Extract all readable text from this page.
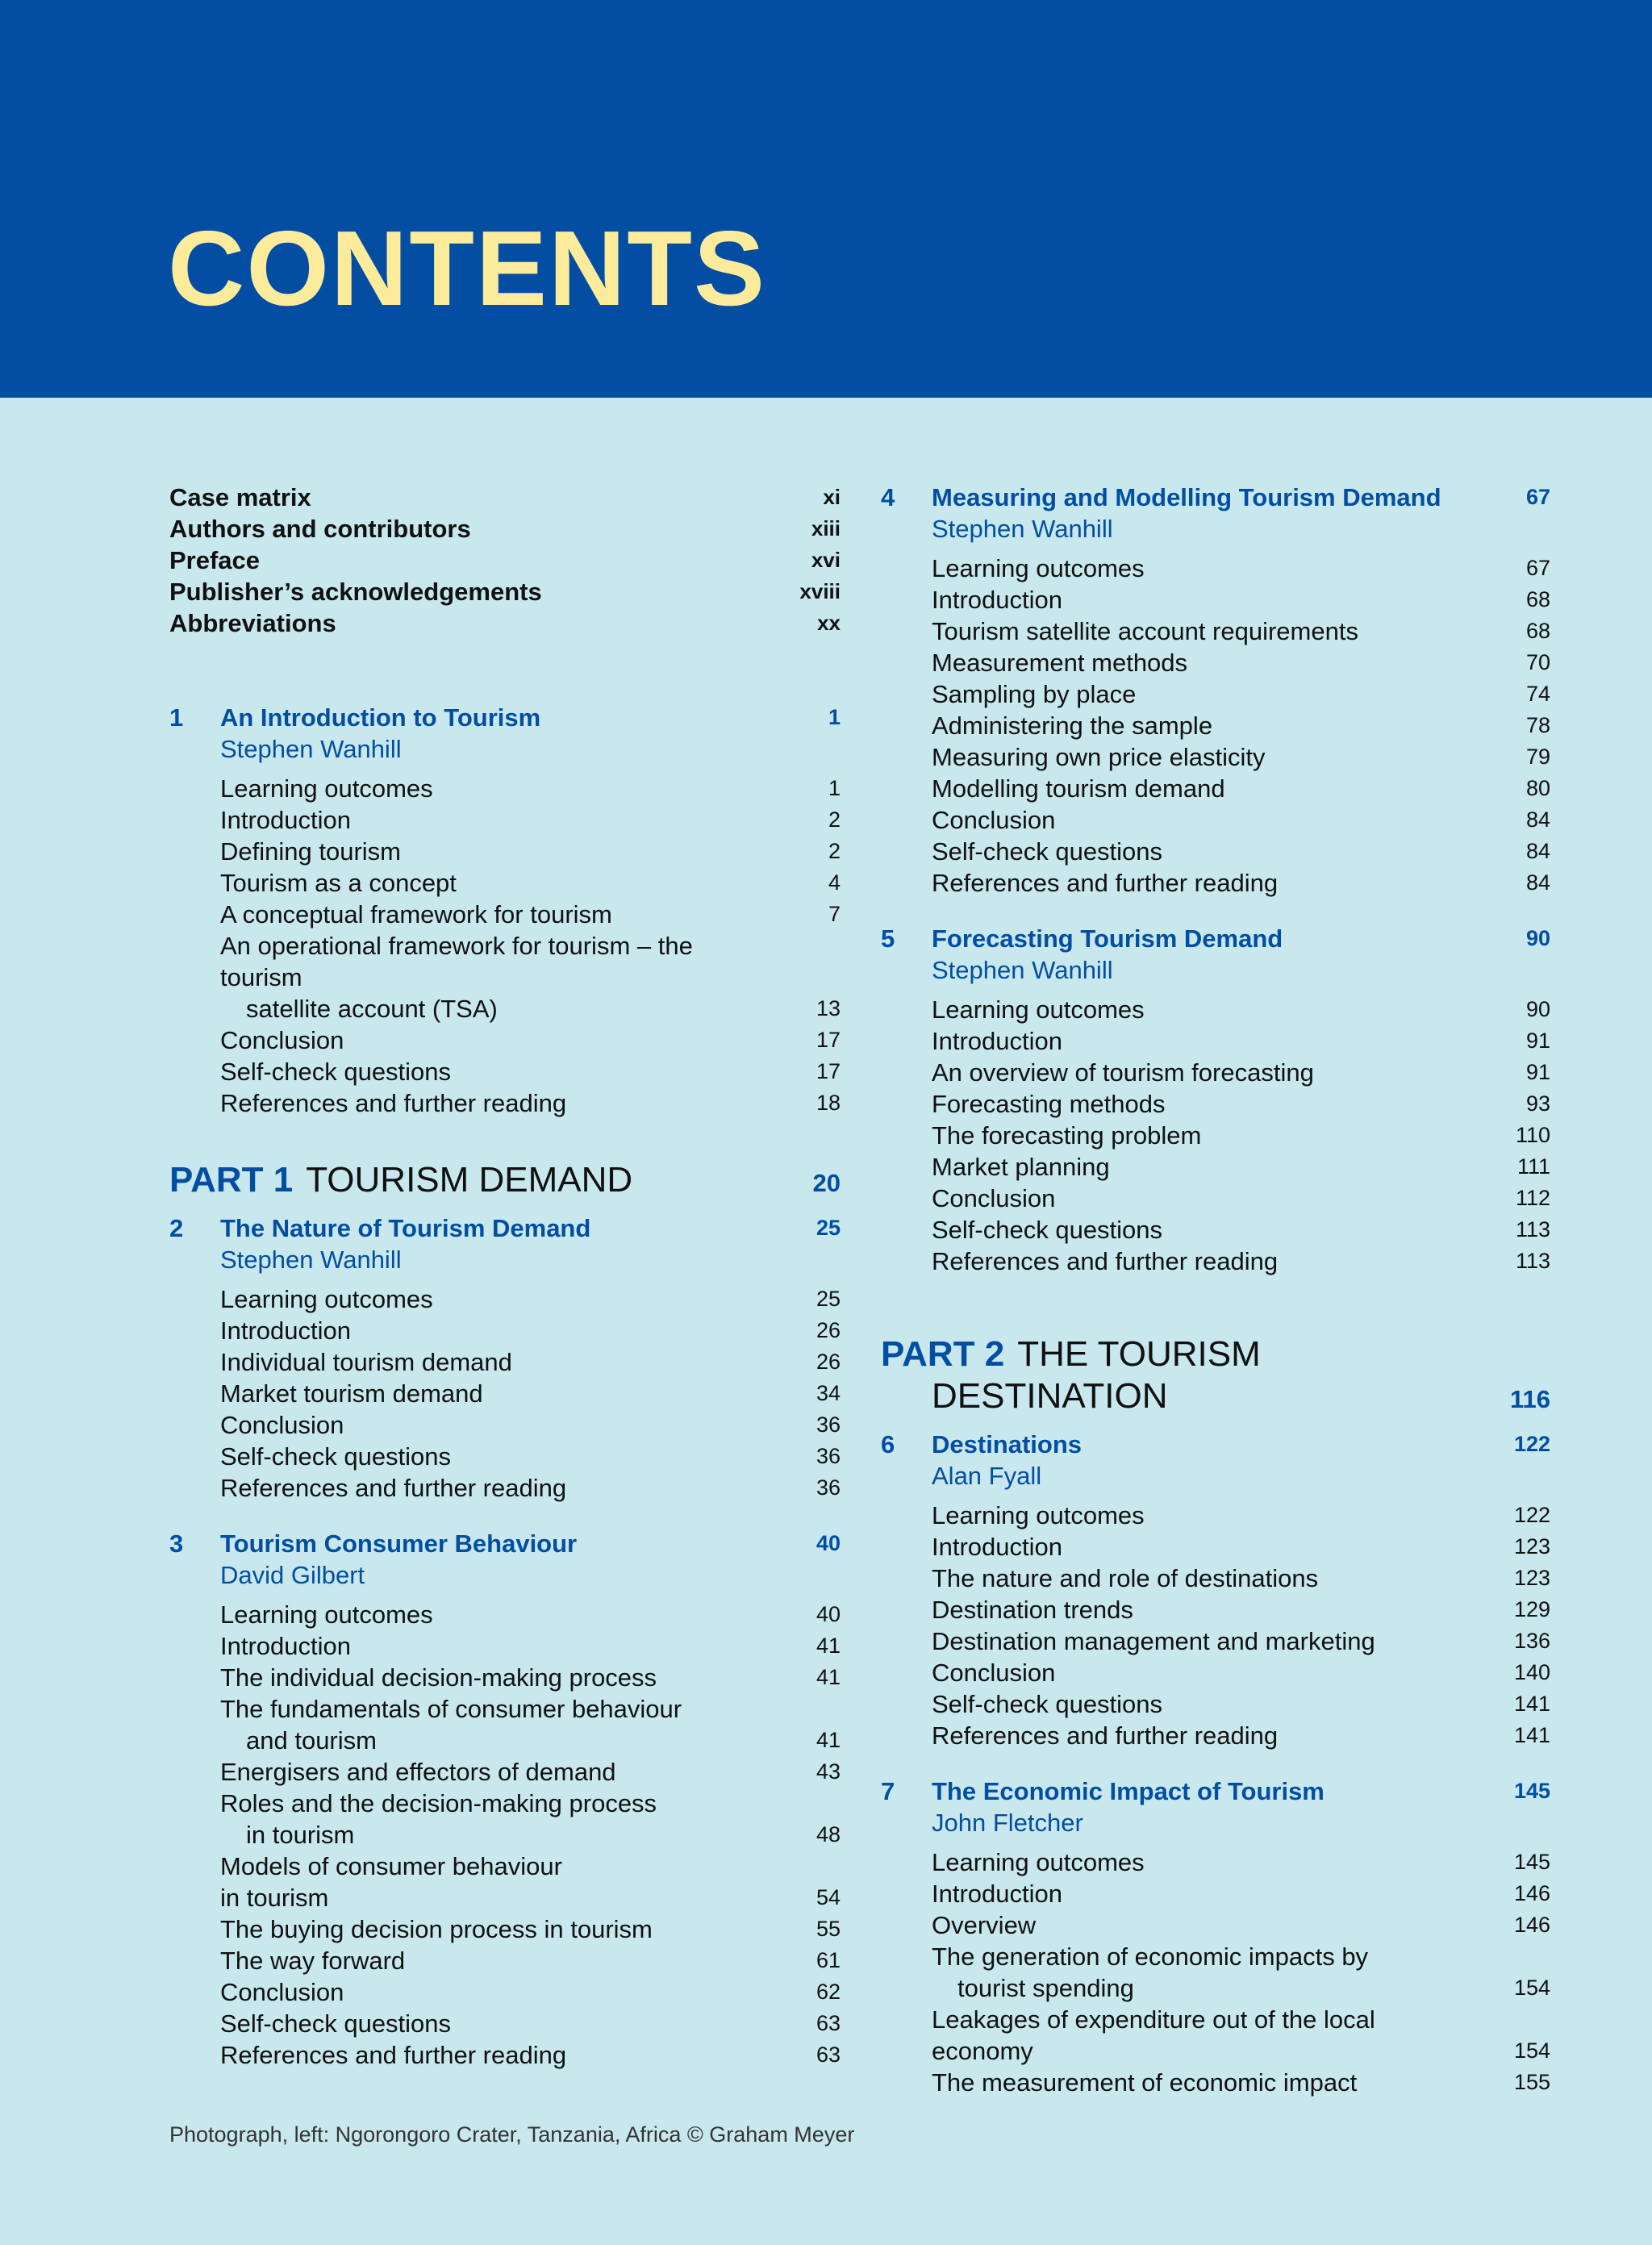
CONTENTS
Case matrix	xi
Authors and contributors	xiii
Preface	xvi
Publisher’s acknowledgements	xviii
Abbreviations	xx
1 An Introduction to Tourism	1
Stephen Wanhill
Learning outcomes	1
Introduction	2
Defining tourism	2
Tourism as a concept	4
A conceptual framework for tourism	7
An operational framework for tourism – the tourism
satellite account (TSA)	13
Conclusion	17
Self-check questions	17
References and further reading	18
PART 1 TOURISM DEMAND	20
2 The Nature of Tourism Demand	25
Stephen Wanhill
Learning outcomes	25
Introduction	26
Individual tourism demand	26
Market tourism demand	34
Conclusion	36
Self-check questions	36
References and further reading	36
3 Tourism Consumer Behaviour	40
David Gilbert
Learning outcomes	40
Introduction	41
The individual decision-making process	41
The fundamentals of consumer behaviour
and tourism	41
Energisers and effectors of demand	43
Roles and the decision-making process
in tourism	48
Models of consumer behaviour
in tourism	54
The buying decision process in tourism	55
The way forward	61
Conclusion	62
Self-check questions	63
References and further reading	63
4 Measuring and Modelling Tourism Demand	67
Stephen Wanhill
Learning outcomes	67
Introduction	68
Tourism satellite account requirements	68
Measurement methods	70
Sampling by place	74
Administering the sample	78
Measuring own price elasticity	79
Modelling tourism demand	80
Conclusion	84
Self-check questions	84
References and further reading	84
5 Forecasting Tourism Demand	90
Stephen Wanhill
Learning outcomes	90
Introduction	91
An overview of tourism forecasting	91
Forecasting methods	93
The forecasting problem	110
Market planning	111
Conclusion	112
Self-check questions	113
References and further reading	113
PART 2 THE TOURISM
DESTINATION	116
6 Destinations	122
Alan Fyall
Learning outcomes	122
Introduction	123
The nature and role of destinations	123
Destination trends	129
Destination management and marketing	136
Conclusion	140
Self-check questions	141
References and further reading	141
7 The Economic Impact of Tourism	145
John Fletcher
Learning outcomes	145
Introduction	146
Overview	146
The generation of economic impacts by
tourist spending	154
Leakages of expenditure out of the local economy	154
The measurement of economic impact	155
Photograph, left: Ngorongoro Crater, Tanzania, Africa © Graham Meyer
